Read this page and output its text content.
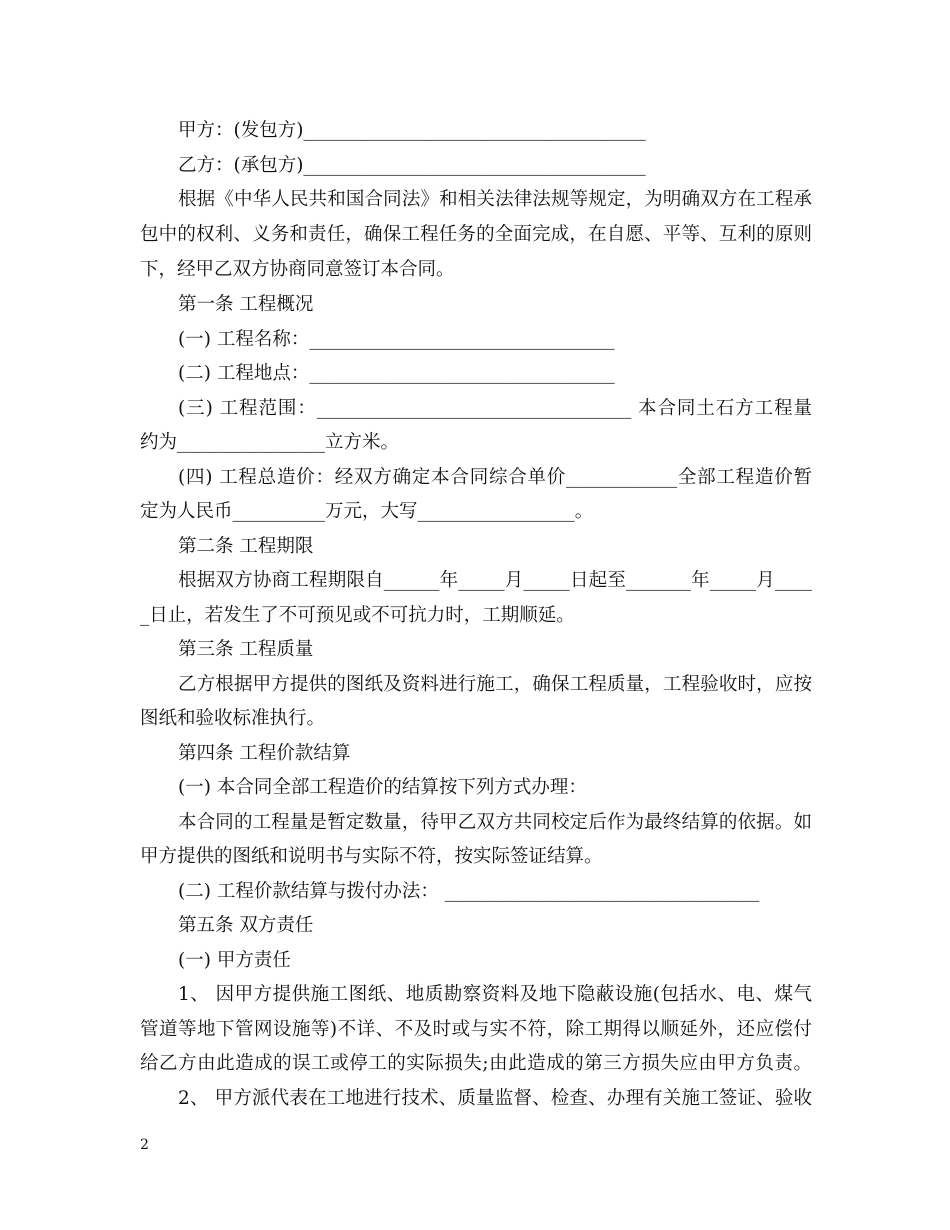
甲方：(发包方)_____________________________________
乙方：(承包方)_____________________________________
根据《中华人民共和国合同法》和相关法律法规等规定，为明确双方在工程承
包中的权利、义务和责任，确保工程任务的全面完成，在自愿、平等、互利的原则
下，经甲乙双方协商同意签订本合同。
第一条 工程概况
(一) 工程名称：_________________________________
(二) 工程地点：_________________________________
(三) 工程范围：__________________________________ 本合同土石方工程量
约为________________立方米。
(四) 工程总造价：经双方确定本合同综合单价____________全部工程造价暂
定为人民币__________万元，大写_________________。
第二条 工程期限
根据双方协商工程期限自______年_____月_____日起至_______年_____月____
_日止，若发生了不可预见或不可抗力时，工期顺延。
第三条 工程质量
乙方根据甲方提供的图纸及资料进行施工，确保工程质量，工程验收时，应按
图纸和验收标准执行。
第四条 工程价款结算
(一) 本合同全部工程造价的结算按下列方式办理：
本合同的工程量是暂定数量，待甲乙双方共同校定后作为最终结算的依据。如
甲方提供的图纸和说明书与实际不符，按实际签证结算。
(二) 工程价款结算与拨付办法： __________________________________
第五条 双方责任
(一) 甲方责任
1、 因甲方提供施工图纸、地质勘察资料及地下隐蔽设施(包括水、电、煤气
管道等地下管网设施等)不详、不及时或与实不符，除工期得以顺延外，还应偿付
给乙方由此造成的误工或停工的实际损失;由此造成的第三方损失应由甲方负责。
2、 甲方派代表在工地进行技术、质量监督、检查、办理有关施工签证、验收
2
